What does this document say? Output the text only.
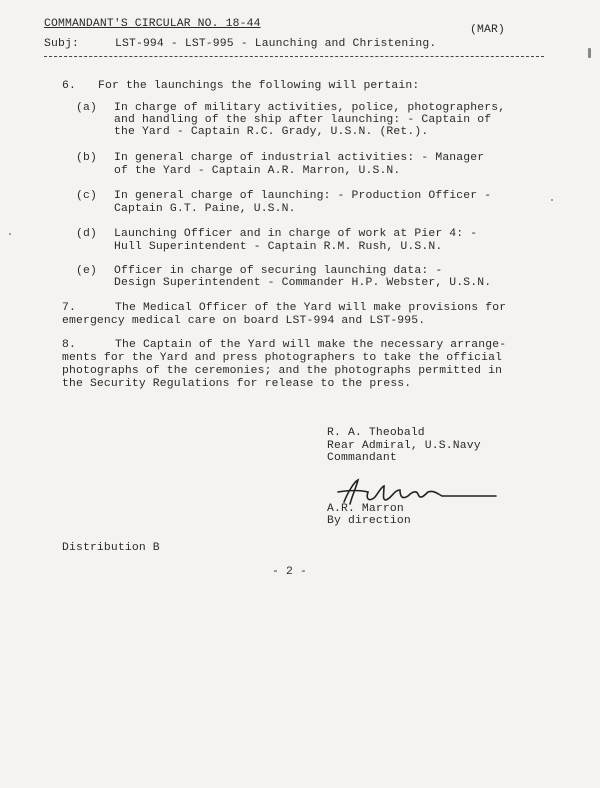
COMMANDANT'S CIRCULAR NO. 18-44	(MAR)
Subj:	LST-994 - LST-995 - Launching and Christening.
6. For the launchings the following will pertain:
(a) In charge of military activities, police, photographers,
and handling of the ship after launching: - Captain of
the Yard - Captain R.C. Grady, U.S.N. (Ret.).
(b) In general charge of industrial activities: - Manager
of the Yard - Captain A.R. Marron, U.S.N.
(c) In general charge of launching: - Production Officer -
Captain G.T. Paine, U.S.N.
(d) Launching Officer and in charge of work at Pier 4: -
Hull Superintendent - Captain R.M. Rush, U.S.N.
(e) Officer in charge of securing launching data: -
Design Superintendent - Commander H.P. Webster, U.S.N.
7.	The Medical Officer of the Yard will make provisions for
emergency medical care on board LST-994 and LST-995.
8.	The Captain of the Yard will make the necessary arrange-
ments for the Yard and press photographers to take the official
photographs of the ceremonies; and the photographs permitted in
the Security Regulations for release to the press.
R. A. Theobald
Rear Admiral, U.S.Navy
Commandant
A.R. Marron
By direction
Distribution B
- 2 -
